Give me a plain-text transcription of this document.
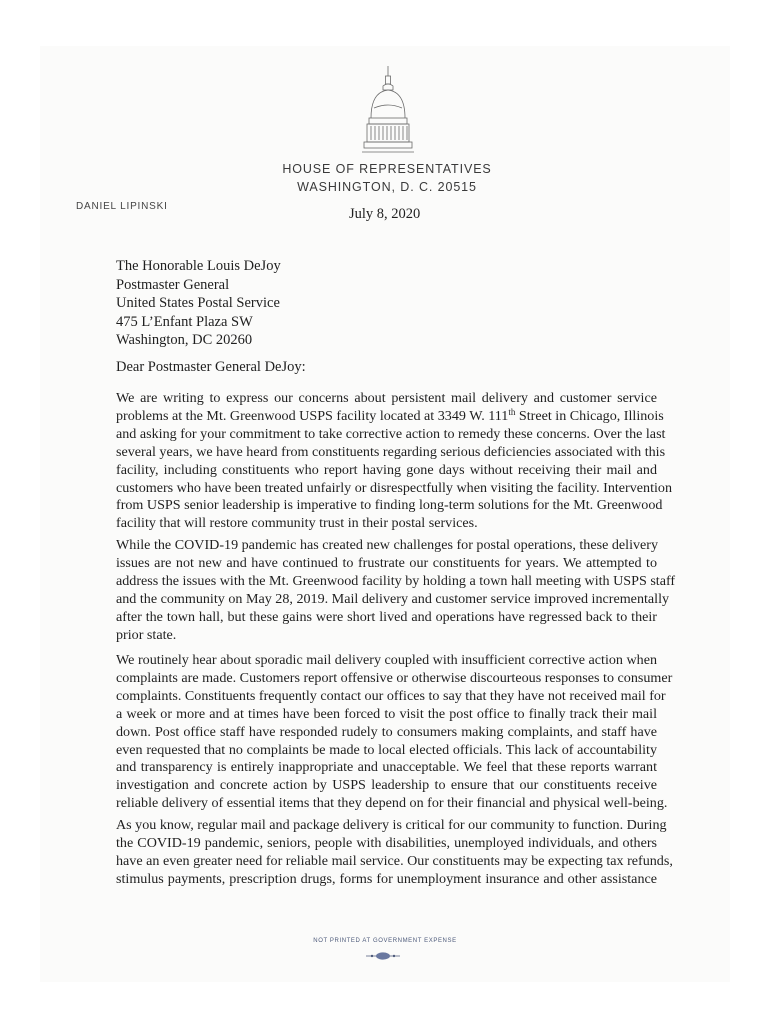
HOUSE OF REPRESENTATIVES
WASHINGTON, D. C. 20515
DANIEL LIPINSKI	July 8, 2020
The Honorable Louis DeJoy
Postmaster General
United States Postal Service
475 L’Enfant Plaza SW
Washington, DC 20260
Dear Postmaster General DeJoy:
We are writing to express our concerns about persistent mail delivery and customer service
problems at the Mt. Greenwood USPS facility located at 3349 W. 111th Street in Chicago, Illinois
and asking for your commitment to take corrective action to remedy these concerns. Over the last
several years, we have heard from constituents regarding serious deficiencies associated with this
facility, including constituents who report having gone days without receiving their mail and
customers who have been treated unfairly or disrespectfully when visiting the facility. Intervention
from USPS senior leadership is imperative to finding long-term solutions for the Mt. Greenwood
facility that will restore community trust in their postal services.
While the COVID-19 pandemic has created new challenges for postal operations, these delivery
issues are not new and have continued to frustrate our constituents for years. We attempted to
address the issues with the Mt. Greenwood facility by holding a town hall meeting with USPS staff
and the community on May 28, 2019. Mail delivery and customer service improved incrementally
after the town hall, but these gains were short lived and operations have regressed back to their
prior state.
We routinely hear about sporadic mail delivery coupled with insufficient corrective action when
complaints are made. Customers report offensive or otherwise discourteous responses to consumer
complaints. Constituents frequently contact our offices to say that they have not received mail for
a week or more and at times have been forced to visit the post office to finally track their mail
down. Post office staff have responded rudely to consumers making complaints, and staff have
even requested that no complaints be made to local elected officials. This lack of accountability
and transparency is entirely inappropriate and unacceptable. We feel that these reports warrant
investigation and concrete action by USPS leadership to ensure that our constituents receive
reliable delivery of essential items that they depend on for their financial and physical well-being.
As you know, regular mail and package delivery is critical for our community to function. During
the COVID-19 pandemic, seniors, people with disabilities, unemployed individuals, and others
have an even greater need for reliable mail service. Our constituents may be expecting tax refunds,
stimulus payments, prescription drugs, forms for unemployment insurance and other assistance
NOT PRINTED AT GOVERNMENT EXPENSE
